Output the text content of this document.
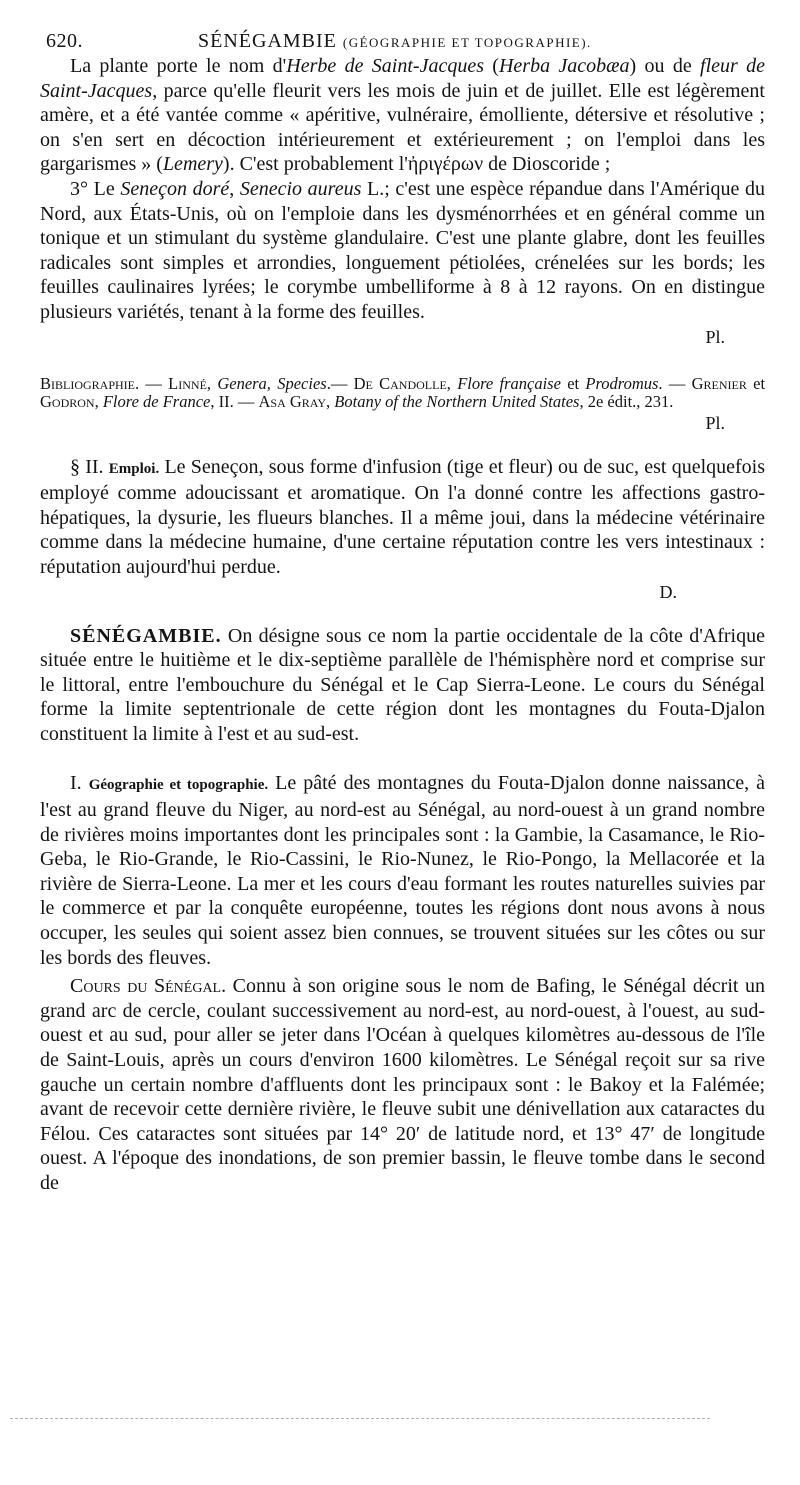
620.	SÉNÉGAMBIE (GÉOGRAPHIE ET TOPOGRAPHIE).

La plante porte le nom d'Herbe de Saint-Jacques (Herba Jacobæa) ou de fleur de Saint-Jacques, parce qu'elle fleurit vers les mois de juin et de juillet. Elle est légèrement amère, et a été vantée comme « apéritive, vulnéraire, émolliente, détersive et résolutive ; on s'en sert en décoction intérieurement et extérieurement ; on l'emploi dans les gargarismes » (Lemery). C'est probablement l'ἠριγέρων de Dioscoride ;

3° Le Seneçon doré, Senecio aureus L.; c'est une espèce répandue dans l'Amérique du Nord, aux États-Unis, où on l'emploie dans les dysménorrhées et en général comme un tonique et un stimulant du système glandulaire. C'est une plante glabre, dont les feuilles radicales sont simples et arrondies, longuement pétiolées, crénelées sur les bords; les feuilles caulinaires lyrées; le corymbe umbelliforme à 8 à 12 rayons. On en distingue plusieurs variétés, tenant à la forme des feuilles.

Pl.

Bibliographie. — Linné, Genera, Species.— De Candolle, Flore française et Prodromus. — Grenier et Godron, Flore de France, II. — Asa Gray, Botany of the Northern United States, 2e édit., 231.

Pl.

§ II. Emploi. Le Seneçon, sous forme d'infusion (tige et fleur) ou de suc, est quelquefois employé comme adoucissant et aromatique. On l'a donné contre les affections gastro-hépatiques, la dysurie, les flueurs blanches. Il a même joui, dans la médecine vétérinaire comme dans la médecine humaine, d'une certaine réputation contre les vers intestinaux : réputation aujourd'hui perdue.

D.

SÉNÉGAMBIE. On désigne sous ce nom la partie occidentale de la côte d'Afrique située entre le huitième et le dix-septième parallèle de l'hémisphère nord et comprise sur le littoral, entre l'embouchure du Sénégal et le Cap Sierra-Leone. Le cours du Sénégal forme la limite septentrionale de cette région dont les montagnes du Fouta-Djalon constituent la limite à l'est et au sud-est.

I. Géographie et topographie. Le pâté des montagnes du Fouta-Djalon donne naissance, à l'est au grand fleuve du Niger, au nord-est au Sénégal, au nord-ouest à un grand nombre de rivières moins importantes dont les principales sont : la Gambie, la Casamance, le Rio-Geba, le Rio-Grande, le Rio-Cassini, le Rio-Nunez, le Rio-Pongo, la Mellacorée et la rivière de Sierra-Leone. La mer et les cours d'eau formant les routes naturelles suivies par le commerce et par la conquête européenne, toutes les régions dont nous avons à nous occuper, les seules qui soient assez bien connues, se trouvent situées sur les côtes ou sur les bords des fleuves.

Cours du Sénégal. Connu à son origine sous le nom de Bafing, le Sénégal décrit un grand arc de cercle, coulant successivement au nord-est, au nord-ouest, à l'ouest, au sud-ouest et au sud, pour aller se jeter dans l'Océan à quelques kilomètres au-dessous de l'île de Saint-Louis, après un cours d'environ 1600 kilomètres. Le Sénégal reçoit sur sa rive gauche un certain nombre d'affluents dont les principaux sont : le Bakoy et la Falémée; avant de recevoir cette dernière rivière, le fleuve subit une dénivellation aux cataractes du Félou. Ces cataractes sont situées par 14° 20′ de latitude nord, et 13° 47′ de longitude ouest. A l'époque des inondations, de son premier bassin, le fleuve tombe dans le second de
